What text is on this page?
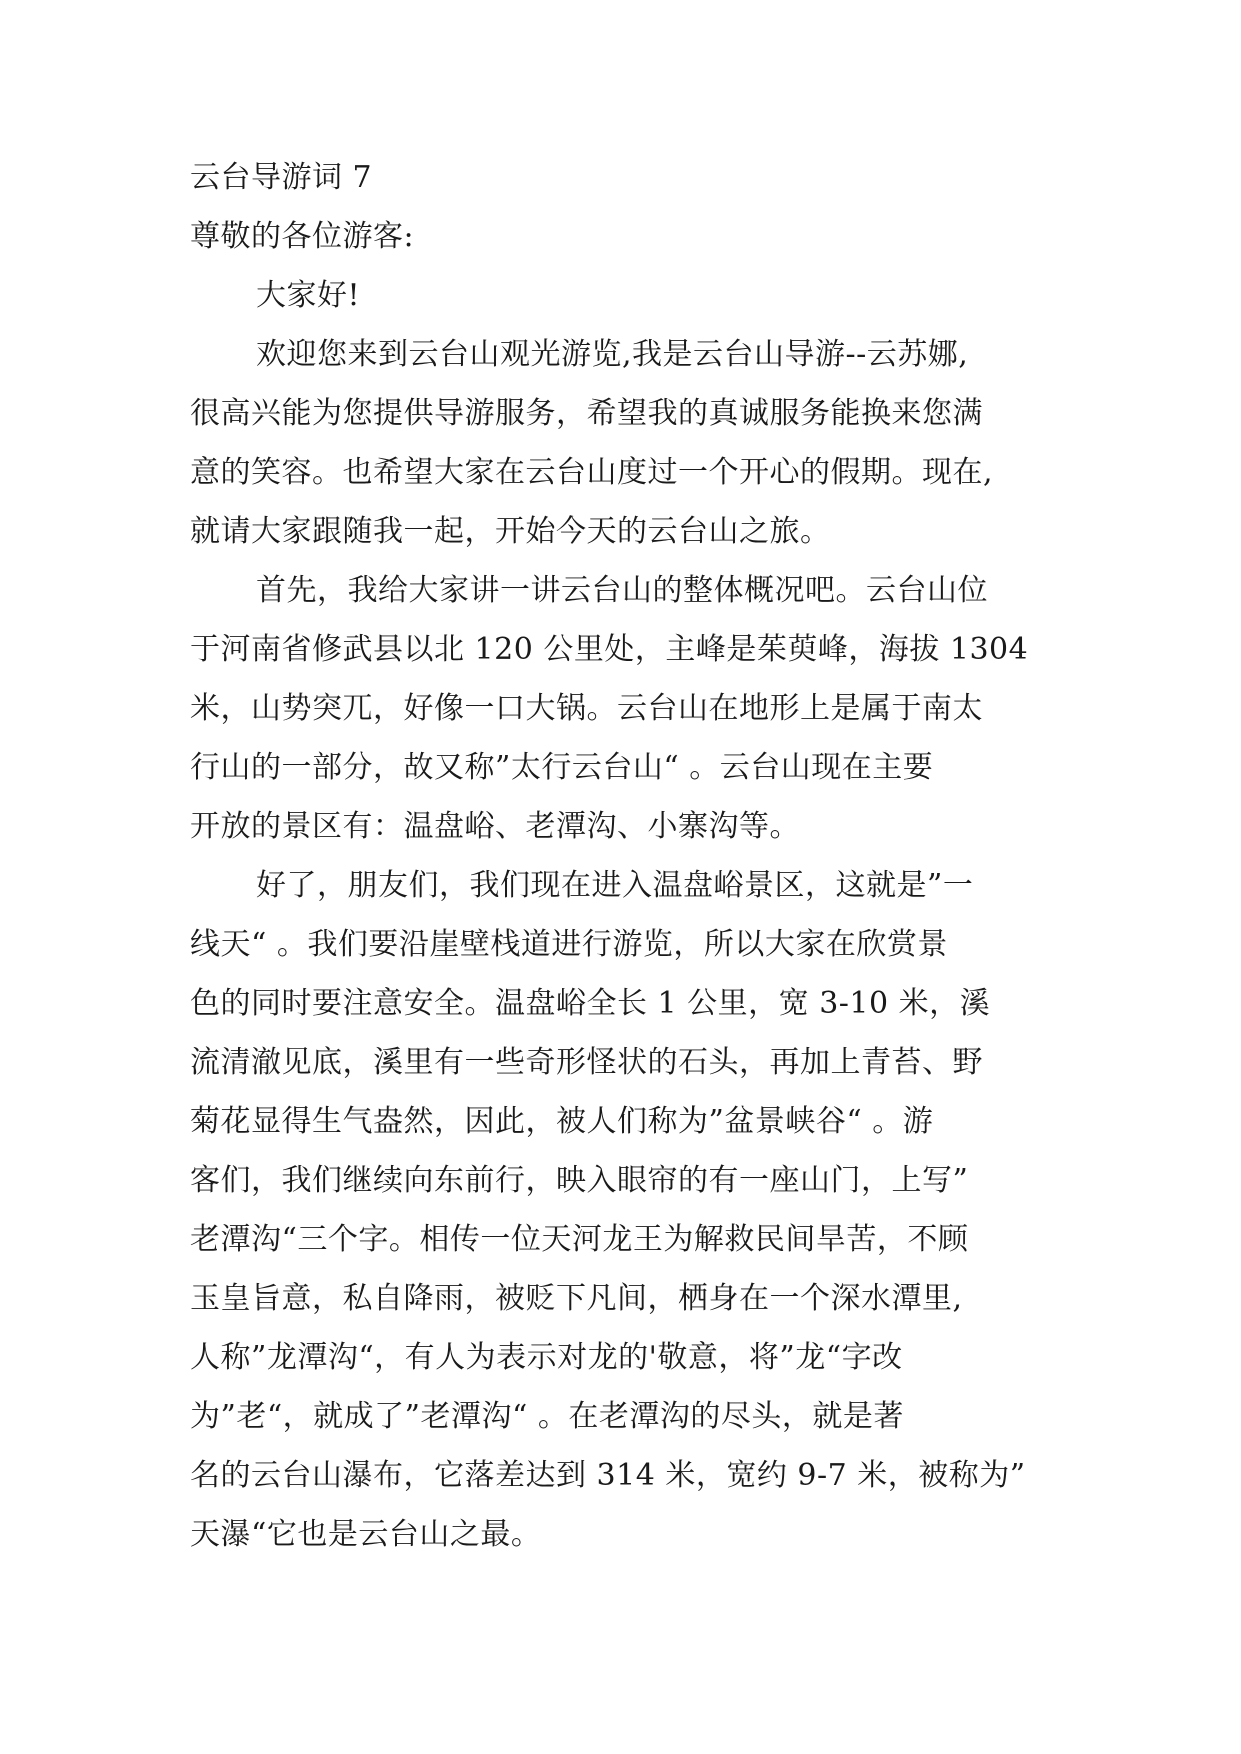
云台导游词 7
尊敬的各位游客:
大家好!
欢迎您来到云台山观光游览,我是云台山导游--云苏娜,
很高兴能为您提供导游服务，希望我的真诚服务能换来您满
意的笑容。也希望大家在云台山度过一个开心的假期。现在,
就请大家跟随我一起，开始今天的云台山之旅。
首先，我给大家讲一讲云台山的整体概况吧。云台山位
于河南省修武县以北 120 公里处，主峰是茱萸峰，海拔 1304
米，山势突兀，好像一口大锅。云台山在地形上是属于南太
行山的一部分，故又称”太行云台山“ 。云台山现在主要
开放的景区有：温盘峪、老潭沟、小寨沟等。
好了，朋友们，我们现在进入温盘峪景区，这就是”一
线天“ 。我们要沿崖壁栈道进行游览，所以大家在欣赏景
色的同时要注意安全。温盘峪全长 1 公里，宽 3-10 米，溪
流清澈见底，溪里有一些奇形怪状的石头，再加上青苔、野
菊花显得生气盎然，因此，被人们称为”盆景峡谷“ 。游
客们，我们继续向东前行，映入眼帘的有一座山门，上写”
老潭沟“三个字。相传一位天河龙王为解救民间旱苦，不顾
玉皇旨意，私自降雨，被贬下凡间，栖身在一个深水潭里,
人称”龙潭沟“，有人为表示对龙的'敬意，将”龙“字改
为”老“，就成了”老潭沟“ 。在老潭沟的尽头，就是著
名的云台山瀑布，它落差达到 314 米，宽约 9-7 米，被称为”
天瀑“它也是云台山之最。
